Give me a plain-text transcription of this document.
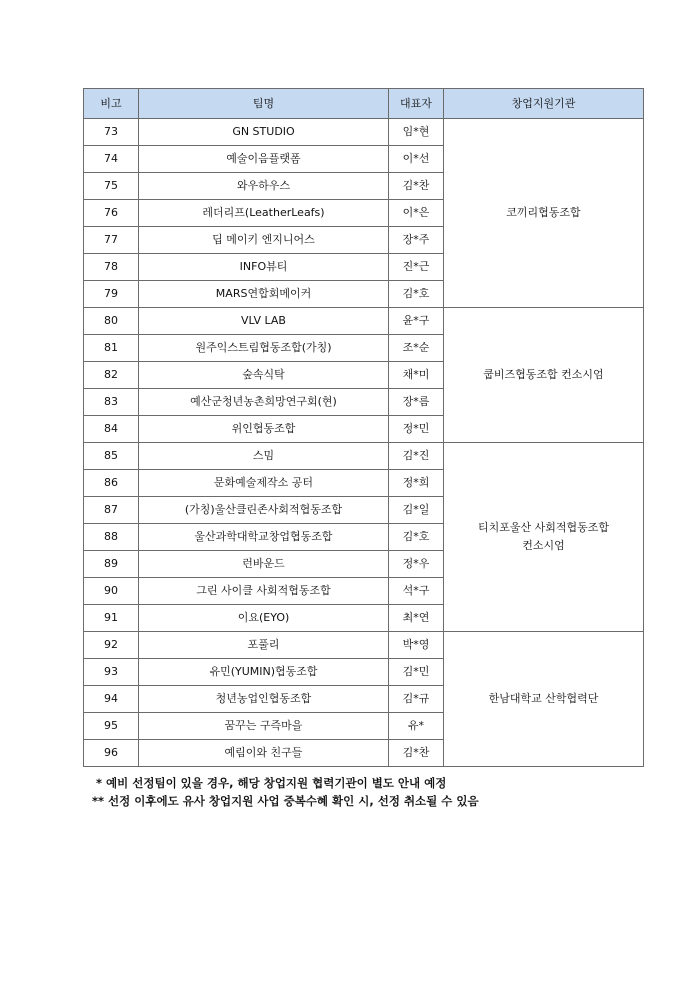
비고	팀명	대표자	창업지원기관
73	GN STUDIO	임*현	코끼리협동조합

74	예술이음플랫폼	이*선	
75	와우하우스	김*찬	
76	레더리프(LeatherLeafs)	이*은	
77	딥 메이키 엔지니어스	장*주	
78	INFO뷰티	진*근	
79	MARS연합회메이커	김*호	
80	VLV LAB	윤*구	쿱비즈협동조합 컨소시엄

81	원주익스트림협동조합(가칭)	조*순	
82	숲속식탁	채*미	
83	예산군청년농촌희망연구회(현)	장*름	
84	위인협동조합	정*민	
85	스밈	김*진	티치포울산 사회적협동조합
컨소시엄

86	문화예술제작소 공터	정*희	
87	(가칭)울산클린존사회적협동조합	김*일	
88	울산과학대학교창업협동조합	김*호	
89	런바운드	정*우	
90	그린 사이클 사회적협동조합	석*구	
91	이요(EYO)	최*연	
92	포풀리	박*영	한남대학교 산학협력단

93	유민(YUMIN)협동조합	김*민	
94	청년농업인협동조합	김*규	
95	꿈꾸는 구즉마을	유*	
96	예림이와 친구들	김*찬	
* 예비 선정팀이 있을 경우, 해당 창업지원 협력기관이 별도 안내 예정
** 선정 이후에도 유사 창업지원 사업 중복수혜 확인 시, 선정 취소될 수 있음
